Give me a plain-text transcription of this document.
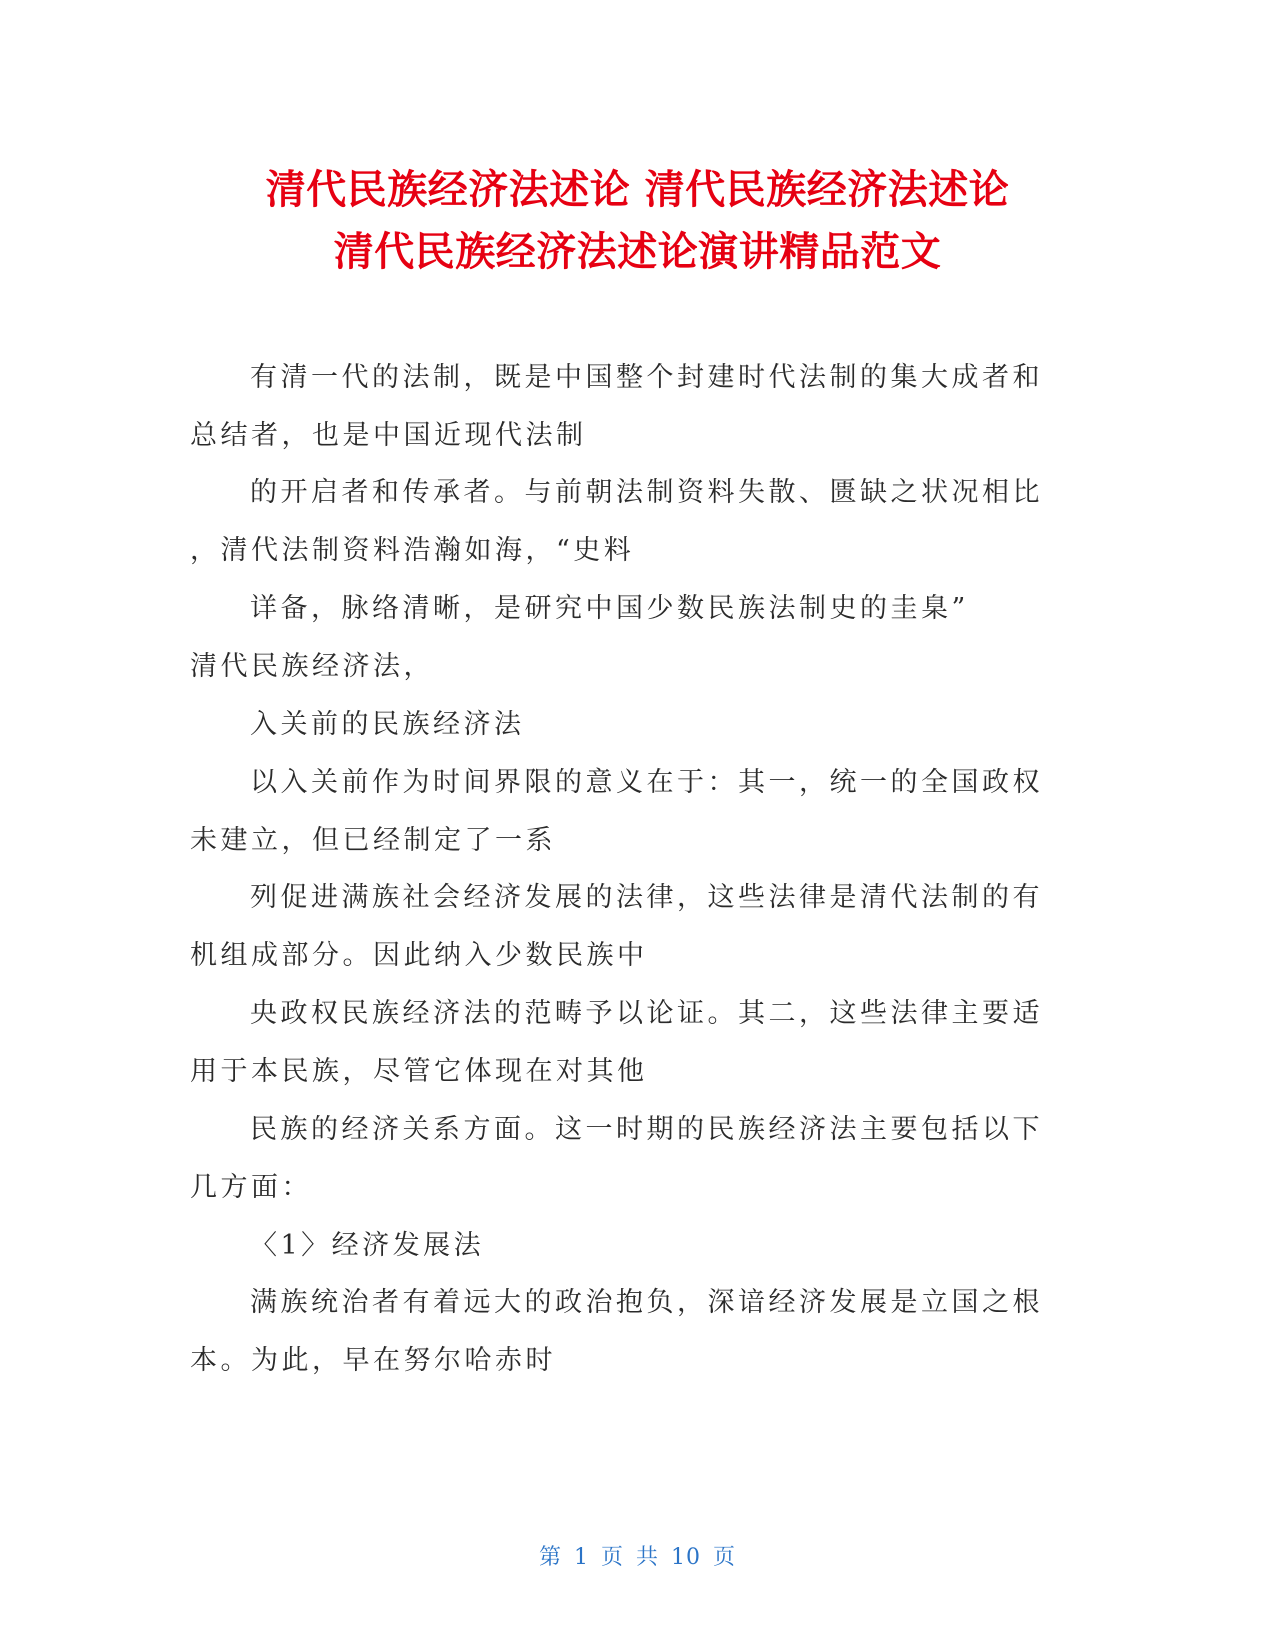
清代民族经济法述论 清代民族经济法述论
清代民族经济法述论演讲精品范文
有清一代的法制，既是中国整个封建时代法制的集大成者和
总结者，也是中国近现代法制
的开启者和传承者。与前朝法制资料失散、匮缺之状况相比
，清代法制资料浩瀚如海，“史料
详备，脉络清晰，是研究中国少数民族法制史的圭臬”
清代民族经济法，
入关前的民族经济法
以入关前作为时间界限的意义在于：其一，统一的全国政权
未建立，但已经制定了一系
列促进满族社会经济发展的法律，这些法律是清代法制的有
机组成部分。因此纳入少数民族中
央政权民族经济法的范畴予以论证。其二，这些法律主要适
用于本民族，尽管它体现在对其他
民族的经济关系方面。这一时期的民族经济法主要包括以下
几方面：
〈1〉经济发展法
满族统治者有着远大的政治抱负，深谙经济发展是立国之根
本。为此，早在努尔哈赤时
第 1 页 共 10 页
